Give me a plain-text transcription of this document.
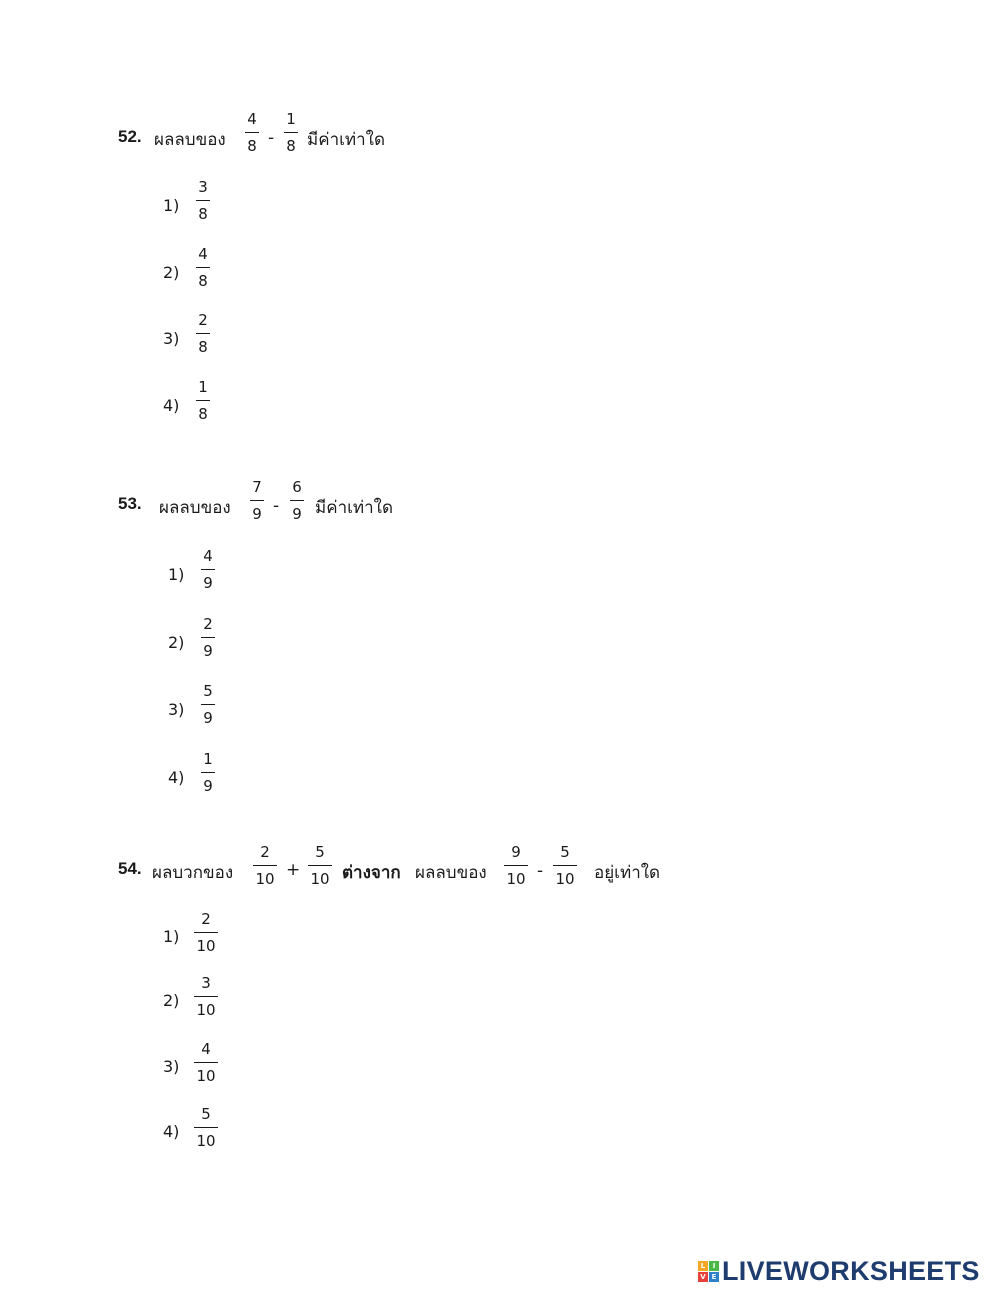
52. ผลลบของ
4
8 -
1
8 มีค่าเท่าใด
1)
3
8
2)
4
8
3)
2
8
4)
1
8
53. ผลลบของ
7
9 -
6
9 มีค่าเท่าใด
1)
4
9
2)
2
9
3)
5
9
4)
1
9
54. ผลบวกของ
2
10 +
5
10 ต่างจาก ผลลบของ
9
10 -
5
10 อยู่เท่าใด
1)
2
10
2)
3
10
3)
4
10
4)
5
10
L	I
V E LIVEWORKSHEETS
